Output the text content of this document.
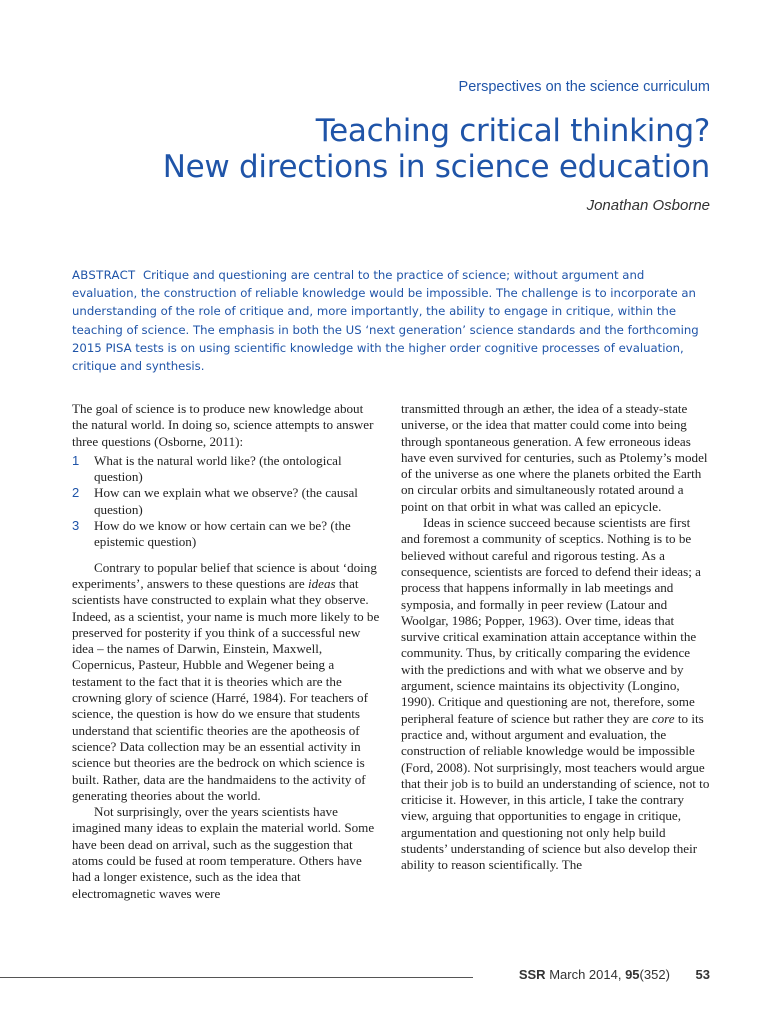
Perspectives on the science curriculum
Teaching critical thinking?
New directions in science education
Jonathan Osborne

ABSTRACT Critique and questioning are central to the practice of science; without argument and evaluation, the construction of reliable knowledge would be impossible. The challenge is to incorporate an understanding of the role of critique and, more importantly, the ability to engage in critique, within the teaching of science. The emphasis in both the US ‘next generation’ science standards and the forthcoming 2015 PISA tests is on using scientific knowledge with the higher order cognitive processes of evaluation, critique and synthesis.

The goal of science is to produce new knowledge about the natural world. In doing so, science attempts to answer three questions (Osborne, 2011):

1 What is the natural world like? (the ontological question)
2 How can we explain what we observe? (the causal question)
3 How do we know or how certain can we be? (the epistemic question)

Contrary to popular belief that science is about ‘doing experiments’, answers to these questions are ideas that scientists have constructed to explain what they observe. Indeed, as a scientist, your name is much more likely to be preserved for posterity if you think of a successful new idea – the names of Darwin, Einstein, Maxwell, Copernicus, Pasteur, Hubble and Wegener being a testament to the fact that it is theories which are the crowning glory of science (Harré, 1984). For teachers of science, the question is how do we ensure that students understand that scientific theories are the apotheosis of science? Data collection may be an essential activity in science but theories are the bedrock on which science is built. Rather, data are the handmaidens to the activity of generating theories about the world.

Not surprisingly, over the years scientists have imagined many ideas to explain the material world. Some have been dead on arrival, such as the suggestion that atoms could be fused at room temperature. Others have had a longer existence, such as the idea that electromagnetic waves were

transmitted through an æther, the idea of a steady-state universe, or the idea that matter could come into being through spontaneous generation. A few erroneous ideas have even survived for centuries, such as Ptolemy’s model of the universe as one where the planets orbited the Earth on circular orbits and simultaneously rotated around a point on that orbit in what was called an epicycle.

Ideas in science succeed because scientists are first and foremost a community of sceptics. Nothing is to be believed without careful and rigorous testing. As a consequence, scientists are forced to defend their ideas; a process that happens informally in lab meetings and symposia, and formally in peer review (Latour and Woolgar, 1986; Popper, 1963). Over time, ideas that survive critical examination attain acceptance within the community. Thus, by critically comparing the evidence with the predictions and with what we observe and by argument, science maintains its objectivity (Longino, 1990). Critique and questioning are not, therefore, some peripheral feature of science but rather they are core to its practice and, without argument and evaluation, the construction of reliable knowledge would be impossible (Ford, 2008). Not surprisingly, most teachers would argue that their job is to build an understanding of science, not to criticise it. However, in this article, I take the contrary view, arguing that opportunities to engage in critique, argumentation and questioning not only help build students’ understanding of science but also develop their ability to reason scientifically. The

SSR March 2014, 95(352) 53
